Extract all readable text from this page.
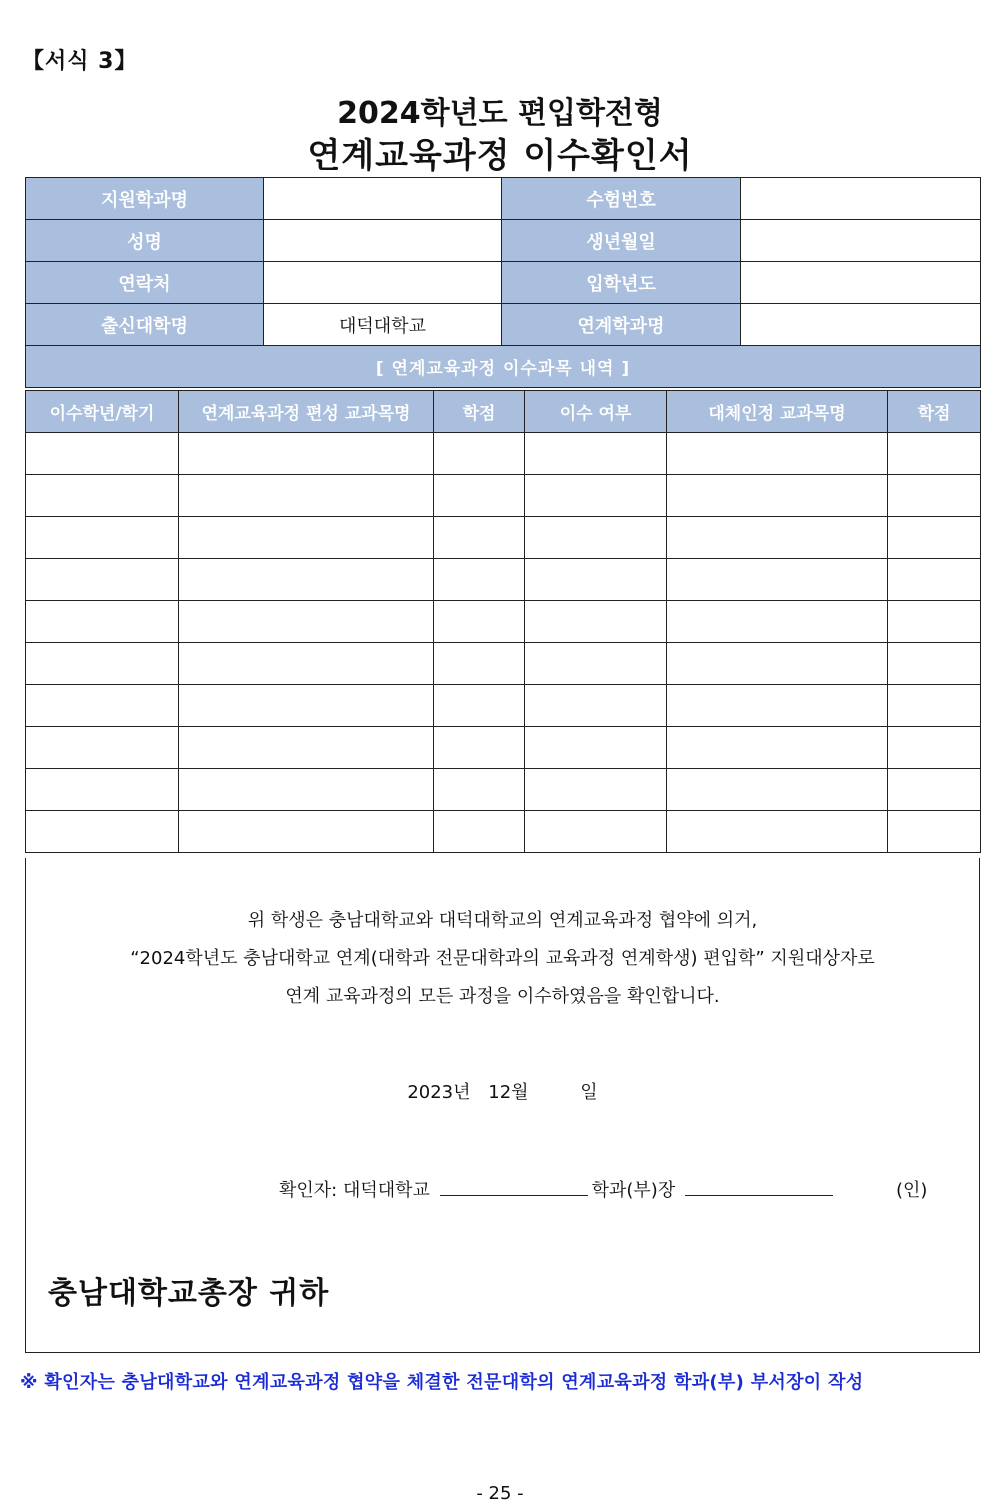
【서식 3】
2024학년도 편입학전형
연계교육과정 이수확인서
지원학과명		수험번호	
성명		생년월일	
연락처		입학년도	
출신대학명	대덕대학교	연계학과명	
[ 연계교육과정 이수과목 내역 ]			
이수학년/학기	연계교육과정 편성 교과목명	학점	이수 여부	대체인정 교과목명	학점

위 학생은 충남대학교와 대덕대학교의 연계교육과정 협약에 의거,
“2024학년도 충남대학교 연계(대학과 전문대학과의 교육과정 연계학생) 편입학” 지원대상자로
연계 교육과정의 모든 과정을 이수하였음을 확인합니다.
2023년 12월	일
확인자: 대덕대학교	학과(부)장	(인)
충남대학교총장 귀하
※ 확인자는 충남대학교와 연계교육과정 협약을 체결한 전문대학의 연계교육과정 학과(부) 부서장이 작성
- 25 -
